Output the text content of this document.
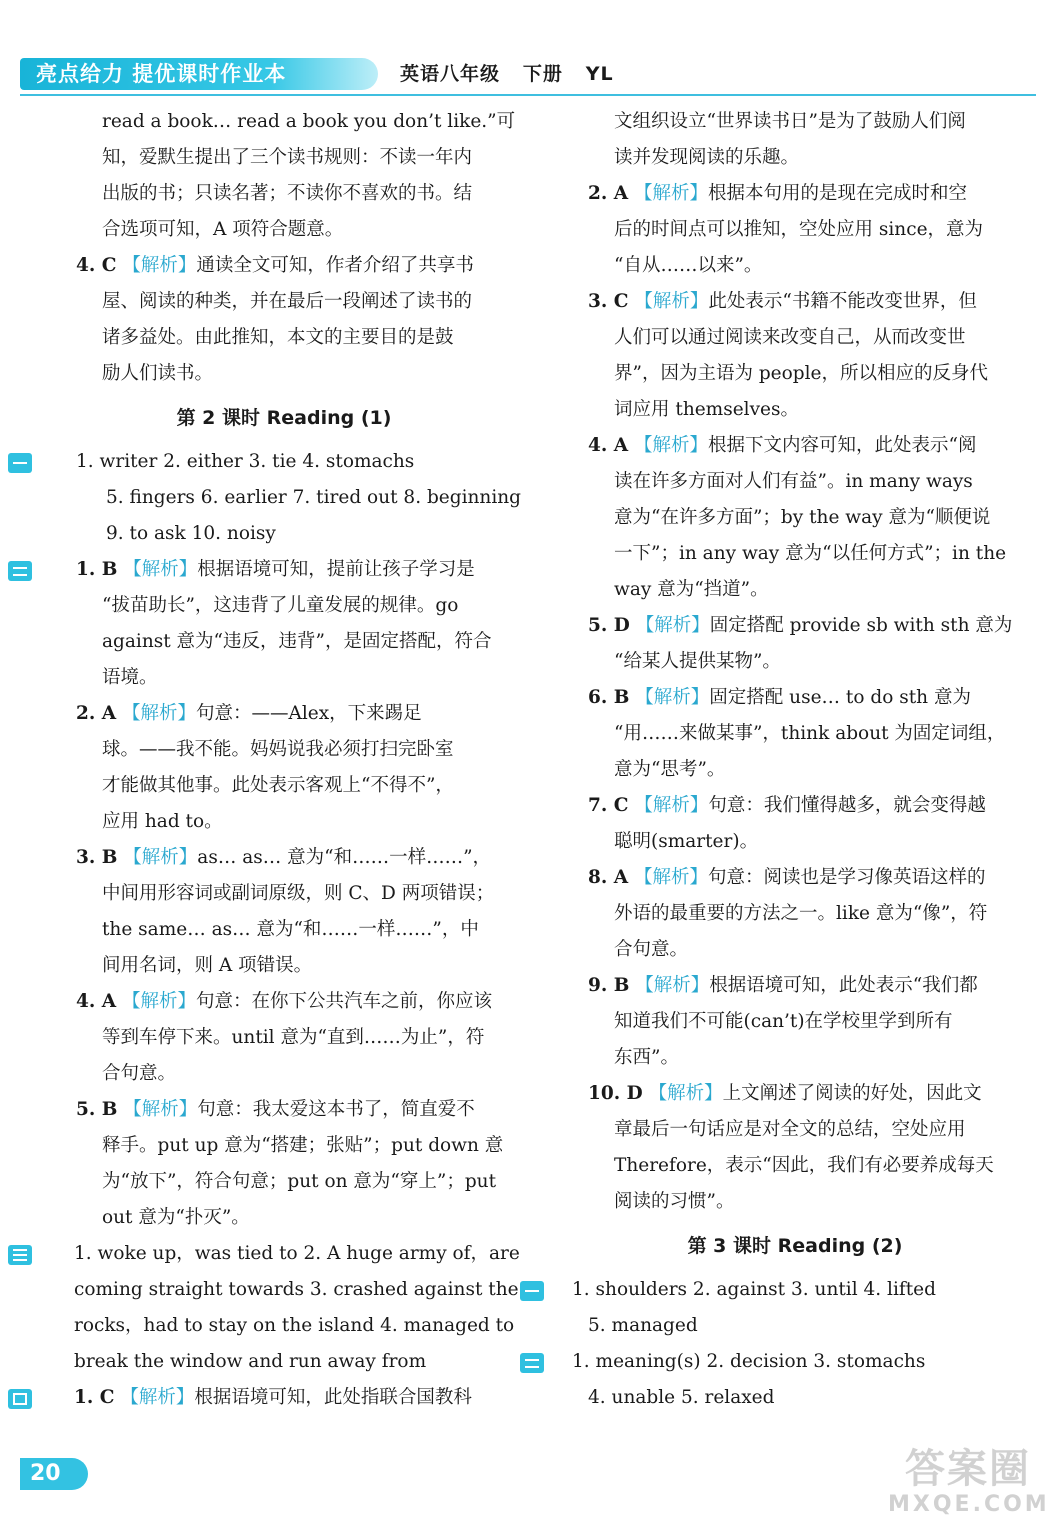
亮点给力 提优课时作业本	英语八年级   下册   YL
read a book… read a book you don’t like.”可
知，爱默生提出了三个读书规则：不读一年内
出版的书；只读名著；不读你不喜欢的书。结
合选项可知，A 项符合题意。
4. C 【解析】通读全文可知，作者介绍了共享书
屋、阅读的种类，并在最后一段阐述了读书的
诸多益处。由此推知，本文的主要目的是鼓
励人们读书。
第 2 课时 Reading (1)
1. writer 2. either 3. tie 4. stomachs
5. fingers 6. earlier 7. tired out 8. beginning
9. to ask 10. noisy
1. B 【解析】根据语境可知，提前让孩子学习是
“拔苗助长”，这违背了儿童发展的规律。go
against 意为“违反，违背”，是固定搭配，符合
语境。
2. A 【解析】句意：——Alex，下来踢足
球。——我不能。妈妈说我必须打扫完卧室
才能做其他事。此处表示客观上“不得不”，
应用 had to。
3. B 【解析】as… as… 意为“和……一样……”，
中间用形容词或副词原级，则 C、D 两项错误；
the same… as… 意为“和……一样……”，中
间用名词，则 A 项错误。
4. A 【解析】句意：在你下公共汽车之前，你应该
等到车停下来。until 意为“直到……为止”，符
合句意。
5. B 【解析】句意：我太爱这本书了，简直爱不
释手。put up 意为“搭建；张贴”；put down 意
为“放下”，符合句意；put on 意为“穿上”；put
out 意为“扑灭”。
1. woke up，was tied to 2. A huge army of，are
coming straight towards 3. crashed against the
rocks，had to stay on the island 4. managed to
break the window and run away from
1. C 【解析】根据语境可知，此处指联合国教科
文组织设立“世界读书日”是为了鼓励人们阅
读并发现阅读的乐趣。
2. A 【解析】根据本句用的是现在完成时和空
后的时间点可以推知，空处应用 since，意为
“自从……以来”。
3. C 【解析】此处表示“书籍不能改变世界，但
人们可以通过阅读来改变自己，从而改变世
界”，因为主语为 people，所以相应的反身代
词应用 themselves。
4. A 【解析】根据下文内容可知，此处表示“阅
读在许多方面对人们有益”。in many ways
意为“在许多方面”；by the way 意为“顺便说
一下”；in any way 意为“以任何方式”；in the
way 意为“挡道”。
5. D 【解析】固定搭配 provide sb with sth 意为
“给某人提供某物”。
6. B 【解析】固定搭配 use… to do sth 意为
“用……来做某事”，think about 为固定词组，
意为“思考”。
7. C 【解析】句意：我们懂得越多，就会变得越
聪明(smarter)。
8. A 【解析】句意：阅读也是学习像英语这样的
外语的最重要的方法之一。like 意为“像”，符
合句意。
9. B 【解析】根据语境可知，此处表示“我们都
知道我们不可能(can’t)在学校里学到所有
东西”。
10. D 【解析】上文阐述了阅读的好处，因此文
章最后一句话应是对全文的总结，空处应用
Therefore，表示“因此，我们有必要养成每天
阅读的习惯”。
第 3 课时 Reading (2)
1. shoulders 2. against 3. until 4. lifted
5. managed
1. meaning(s) 2. decision 3. stomachs
4. unable 5. relaxed
20	答案圈
MXQE.COM
